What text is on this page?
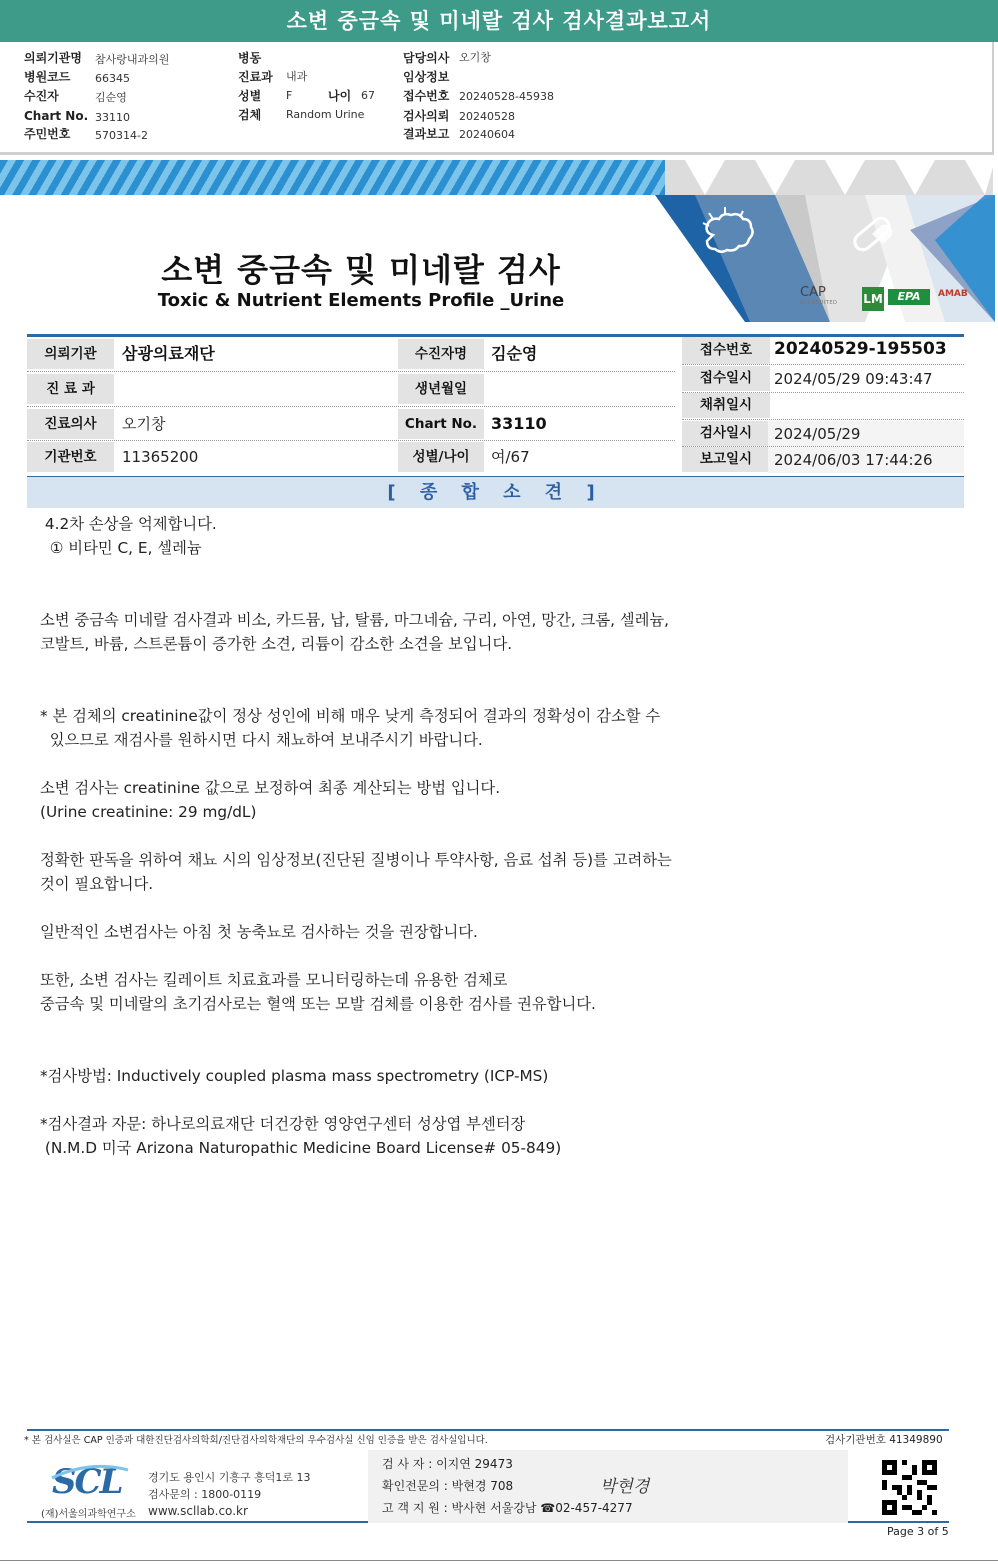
소변 중금속 및 미네랄 검사 검사결과보고서
의뢰기관명 참사랑내과의원
병원코드 66345
수진자	김순영
Chart No. 33110
주민번호 570314-2
병동
진료과 내과
성별 F	나이 67
검체 Random Urine
담당의사 오기창
임상정보
접수번호 20240528-45938
검사의뢰 20240528
결과보고 20240604
소변 중금속 및 미네랄 검사
Toxic & Nutrient Elements Profile _Urine	CAP
ACCREDITED LM	EPA	AMAB
의뢰기관	삼광의료재단
진 료 과
진료의사	오기창
기관번호	11365200
수진자명	김순영
생년월일
Chart No. 33110
성별/나이	여/67
접수번호	20240529-195503
접수일시	2024/05/29 09:43:47
채취일시
검사일시	2024/05/29
보고일시	2024/06/03 17:44:26
[ 종 합 소 견 ]

4.2차 손상을 억제합니다.

① 비타민 C, E, 셀레늄

소변 중금속 미네랄 검사결과 비소, 카드뮴, 납, 탈륨, 마그네슘, 구리, 아연, 망간, 크롬, 셀레늄,

코발트, 바륨, 스트론튬이 증가한 소견, 리튬이 감소한 소견을 보입니다.

* 본 검체의 creatinine값이 정상 성인에 비해 매우 낮게 측정되어 결과의 정확성이 감소할 수

있으므로 재검사를 원하시면 다시 채뇨하여 보내주시기 바랍니다.

소변 검사는 creatinine 값으로 보정하여 최종 계산되는 방법 입니다.

(Urine creatinine: 29 mg/dL)

정확한 판독을 위하여 채뇨 시의 임상정보(진단된 질병이나 투약사항, 음료 섭취 등)를 고려하는

것이 필요합니다.

일반적인 소변검사는 아침 첫 농축뇨로 검사하는 것을 권장합니다.

또한, 소변 검사는 킬레이트 치료효과를 모니터링하는데 유용한 검체로

중금속 및 미네랄의 초기검사로는 혈액 또는 모발 검체를 이용한 검사를 권유합니다.

*검사방법: Inductively coupled plasma mass spectrometry (ICP-MS)

*검사결과 자문: 하나로의료재단 더건강한 영양연구센터 성상엽 부센터장

(N.M.D 미국 Arizona Naturopathic Medicine Board License# 05-849)

* 본 검사실은 CAP 인증과 대한진단검사의학회/진단검사의학재단의 우수검사실 신임 인증을 받은 검사실입니다.	검사기관번호 41349890
SCL
(재)서울의과학연구소
경기도 용인시 기흥구 흥덕1로 13
검사문의 : 1800-0119
www.scllab.co.kr
검 사 자 : 이지연 29473
확인전문의 : 박현경 708
고 객 지 원 : 박사현 서울강남 ☎02-457-4277
박현경
Page 3 of 5
